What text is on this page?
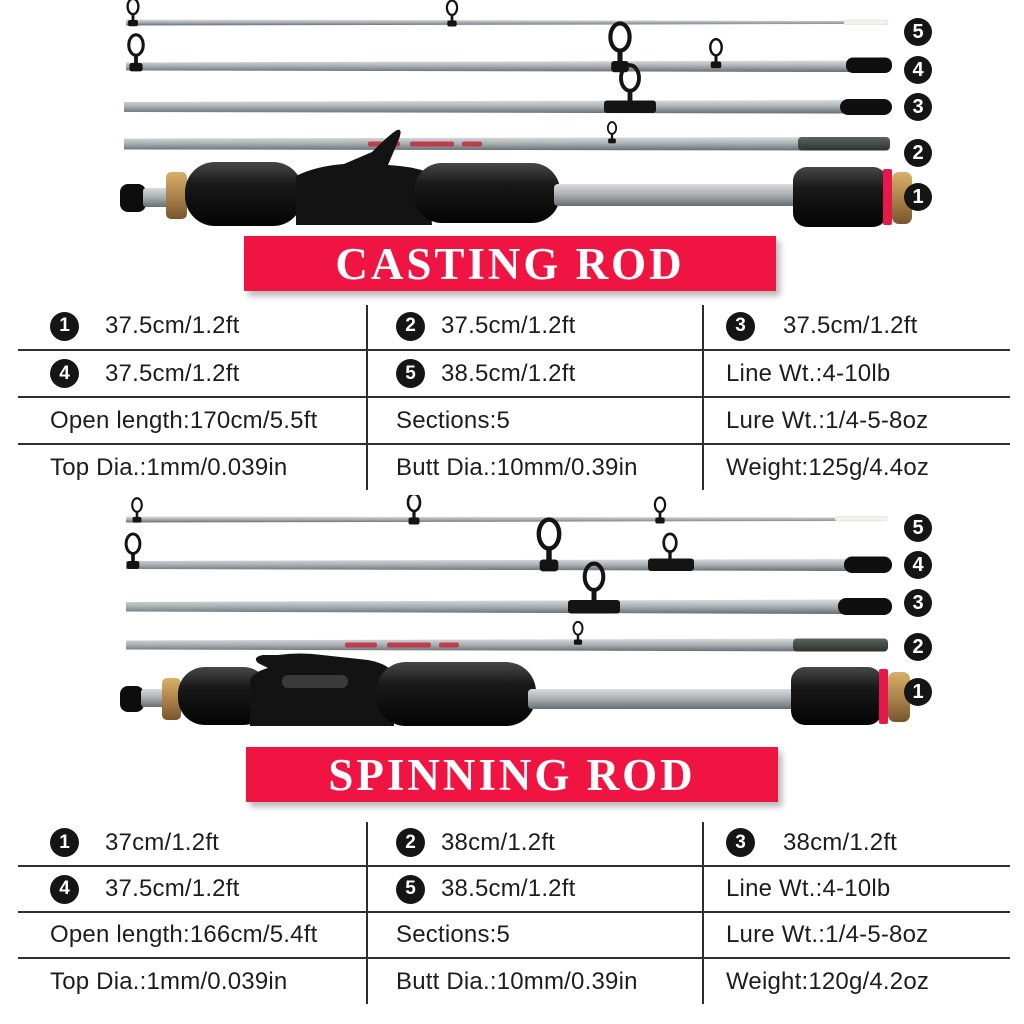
5
4
3
2
1
CASTING ROD
1	37.5cm/1.2ft	2	37.5cm/1.2ft	3	37.5cm/1.2ft
4	37.5cm/1.2ft	5	38.5cm/1.2ft	Line Wt.:4-10lb
Open length:170cm/5.5ft	Sections:5	Lure Wt.:1/4-5-8oz
Top Dia.:1mm/0.039in	Butt Dia.:10mm/0.39in	Weight:125g/4.4oz
5
4
3
2
1
SPINNING ROD
1	37cm/1.2ft	2	38cm/1.2ft	3	38cm/1.2ft
4	37.5cm/1.2ft	5	38.5cm/1.2ft	Line Wt.:4-10lb
Open length:166cm/5.4ft	Sections:5	Lure Wt.:1/4-5-8oz
Top Dia.:1mm/0.039in	Butt Dia.:10mm/0.39in	Weight:120g/4.2oz
